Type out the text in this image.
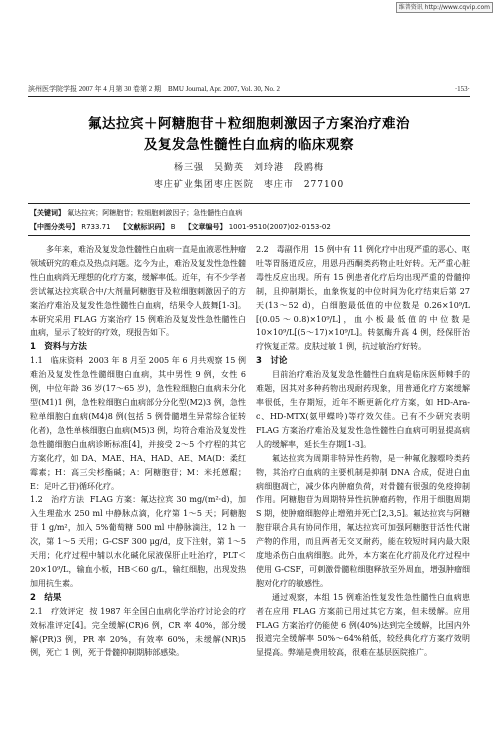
维普资讯 http://www.cqvip.com
滨州医学院学报 2007 年 4 月第 30 卷第 2 期　BMU Journal, Apr. 2007, Vol. 30, No. 2	·153·
氟达拉宾＋阿糖胞苷＋粒细胞刺激因子方案治疗难治
及复发急性髓性白血病的临床观察
杨三强　吴勤英　刘玲港　段鸥梅
枣庄矿业集团枣庄医院　枣庄市　277100
【关键词】 氟达拉宾；阿糖胞苷；粒细胞刺激因子；急性髓性白血病
【中图分类号】 R733.71 【文献标识码】 B 【文章编号】 1001-9510(2007)02-0153-02

多年来，难治及复发急性髓性白血病一直是血液恶性肿瘤领域研究的难点及热点问题。迄今为止，难治及复发性急性髓性白血病尚无理想的化疗方案，缓解率低。近年，有不少学者尝试氟达拉宾联合中/大剂量阿糖胞苷及粒细胞刺激因子的方案治疗难治及复发性急性髓性白血病，结果令人鼓舞[1-3]。本研究采用 FLAG 方案治疗 15 例难治及复发性急性髓性白血病，显示了较好的疗效，现报告如下。

1　资料与方法

1.1　临床资料 2003 年 8 月至 2005 年 6 月共观察 15 例难治及复发性急性髓细胞白血病，其中男性 9 例，女性 6 例，中位年龄 36 岁(17～65 岁)，急性粒细胞白血病未分化型(M1)1 例，急性粒细胞白血病部分分化型(M2)3 例，急性粒单细胞白血病(M4)8 例(包括 5 例骨髓增生异常综合征转化者)，急性单核细胞白血病(M5)3 例，均符合难治及复发性急性髓细胞白血病诊断标准[4]，并接受 2～5 个疗程的其它方案化疗，如 DA、MAE、HA、HAD、AE、MA(D：柔红霉素；H：高三尖杉酯碱；A：阿糖胞苷；M：米托蒽醌；E：足叶乙苷)循环化疗。

1.2　治疗方法 FLAG 方案：氟达拉宾 30 mg/(m²·d)，加入生理盐水 250 ml 中静脉点滴，化疗第 1～5 天；阿糖胞苷 1 g/m²，加入 5%葡萄糖 500 ml 中静脉滴注，12 h 一次，第 1～5 天用；G-CSF 300 μg/d，皮下注射，第 1～5 天用；化疗过程中辅以水化碱化尿液保肝止吐治疗，PLT＜20×10⁹/L，输血小板，HB＜60 g/L，输红细胞，出现发热加用抗生素。

2　结果

2.1　疗效评定 按 1987 年全国白血病化学治疗讨论会的疗效标准评定[4]。完全缓解(CR)6 例，CR 率 40%，部分缓解(PR)3 例，PR 率 20%，有效率 60%，未缓解(NR)5 例，死亡 1 例，死于骨髓抑制期肺部感染。

2.2　毒副作用 15 例中有 11 例化疗中出现严重的恶心、呕吐等胃肠道反应，用恩丹西酮类药物止吐好转。无严重心脏毒性反应出现。所有 15 例患者化疗后均出现严重的骨髓抑制，且抑制期长，血象恢复的中位时间为化疗结束后第 27 天(13～52 d)，白细胞最低值的中位数是 0.26×10⁹/L [(0.05～0.8)×10⁹/L]，血小板最低值的中位数是 10×10⁹/L[(5～17)×10⁹/L]。转氨酶升高 4 例，经保肝治疗恢复正常。皮肤过敏 1 例，抗过敏治疗好转。

3　讨论

目前治疗难治及复发急性髓性白血病是临床医师棘手的难题，因其对多种药物出现耐药现象，用普通化疗方案缓解率很低，生存期短，近年不断更新化疗方案，如 HD-Ara-c、HD-MTX(氨甲蝶呤)等疗效欠佳。已有不少研究表明 FLAG 方案治疗难治及复发性急性髓性白血病可明显提高病人的缓解率，延长生存期[1-3]。

氟达拉宾为周期非特异性药物，是一种氟化腺嘌呤类药物，其治疗白血病的主要机制是抑制 DNA 合成，促进白血病细胞凋亡，减少体内肿瘤负荷，对骨髓有很强的免疫抑制作用。阿糖胞苷为周期特异性抗肿瘤药物，作用于细胞周期 S 期，使肿瘤细胞停止增殖并死亡[2,3,5]。氟达拉宾与阿糖胞苷联合具有协同作用，氟达拉宾可加强阿糖胞苷活性代谢产物的作用，而且两者无交叉耐药，能在较短时间内最大限度地杀伤白血病细胞。此外，本方案在化疗前及化疗过程中使用 G-CSF，可刺激骨髓粒细胞释放至外周血，增强肿瘤细胞对化疗的敏感性。

通过观察，本组 15 例难治性复发性急性髓性白血病患者在应用 FLAG 方案前已用过其它方案，但未缓解。应用 FLAG 方案治疗仍能使 6 例(40%)达到完全缓解，比国内外报道完全缓解率 50%～64%稍低，较经典化疗方案疗效明显提高。弊端是费用较高，很难在基层医院推广。
